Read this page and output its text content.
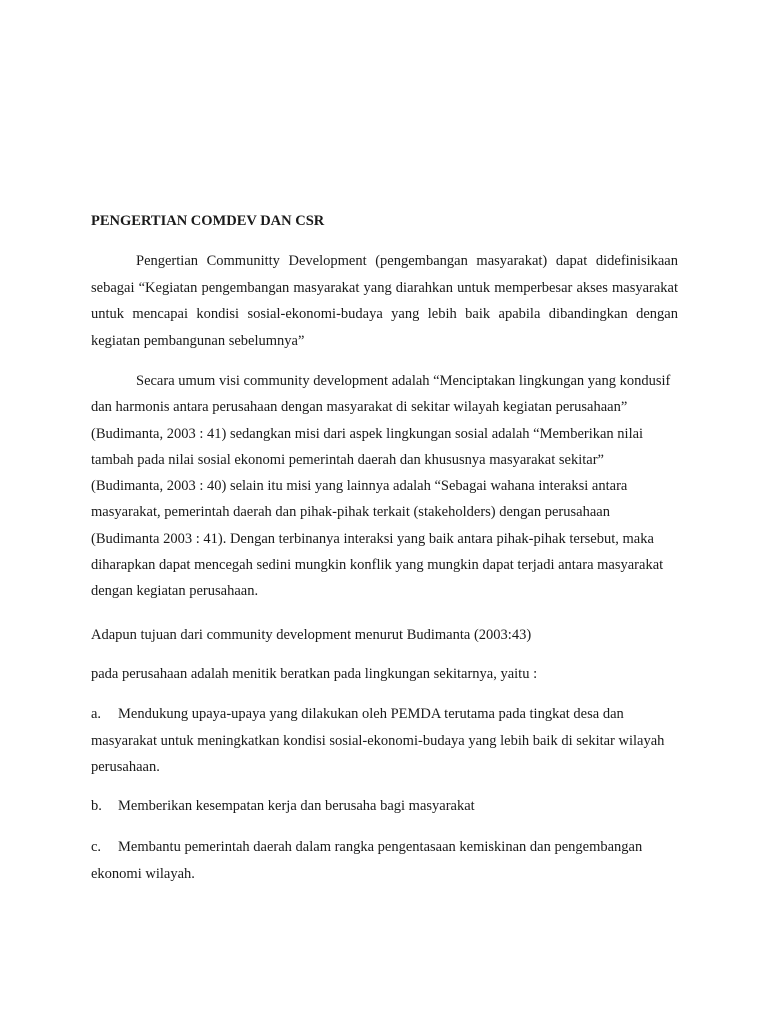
PENGERTIAN COMDEV DAN CSR

Pengertian Communitty Development (pengembangan masyarakat) dapat didefinisikaan sebagai “Kegiatan pengembangan masyarakat yang diarahkan untuk memperbesar akses masyarakat untuk mencapai kondisi sosial-ekonomi-budaya yang lebih baik apabila dibandingkan dengan kegiatan pembangunan sebelumnya”

Secara umum visi community development adalah “Menciptakan lingkungan yang kondusif dan harmonis antara perusahaan dengan masyarakat di sekitar wilayah kegiatan perusahaan” (Budimanta, 2003 : 41) sedangkan misi dari aspek lingkungan sosial adalah “Memberikan nilai tambah pada nilai sosial ekonomi pemerintah daerah dan khususnya masyarakat sekitar” (Budimanta, 2003 : 40) selain itu misi yang lainnya adalah “Sebagai wahana interaksi antara masyarakat, pemerintah daerah dan pihak-pihak terkait (stakeholders) dengan perusahaan (Budimanta 2003 : 41). Dengan terbinanya interaksi yang baik antara pihak-pihak tersebut, maka diharapkan dapat mencegah sedini mungkin konflik yang mungkin dapat terjadi antara masyarakat dengan kegiatan perusahaan.

Adapun tujuan dari community development menurut Budimanta (2003:43)

pada perusahaan adalah menitik beratkan pada lingkungan sekitarnya, yaitu :

a. Mendukung upaya-upaya yang dilakukan oleh PEMDA terutama pada tingkat desa dan masyarakat untuk meningkatkan kondisi sosial-ekonomi-budaya yang lebih baik di sekitar wilayah perusahaan.

b. Memberikan kesempatan kerja dan berusaha bagi masyarakat

c. Membantu pemerintah daerah dalam rangka pengentasaan kemiskinan dan pengembangan ekonomi wilayah.
